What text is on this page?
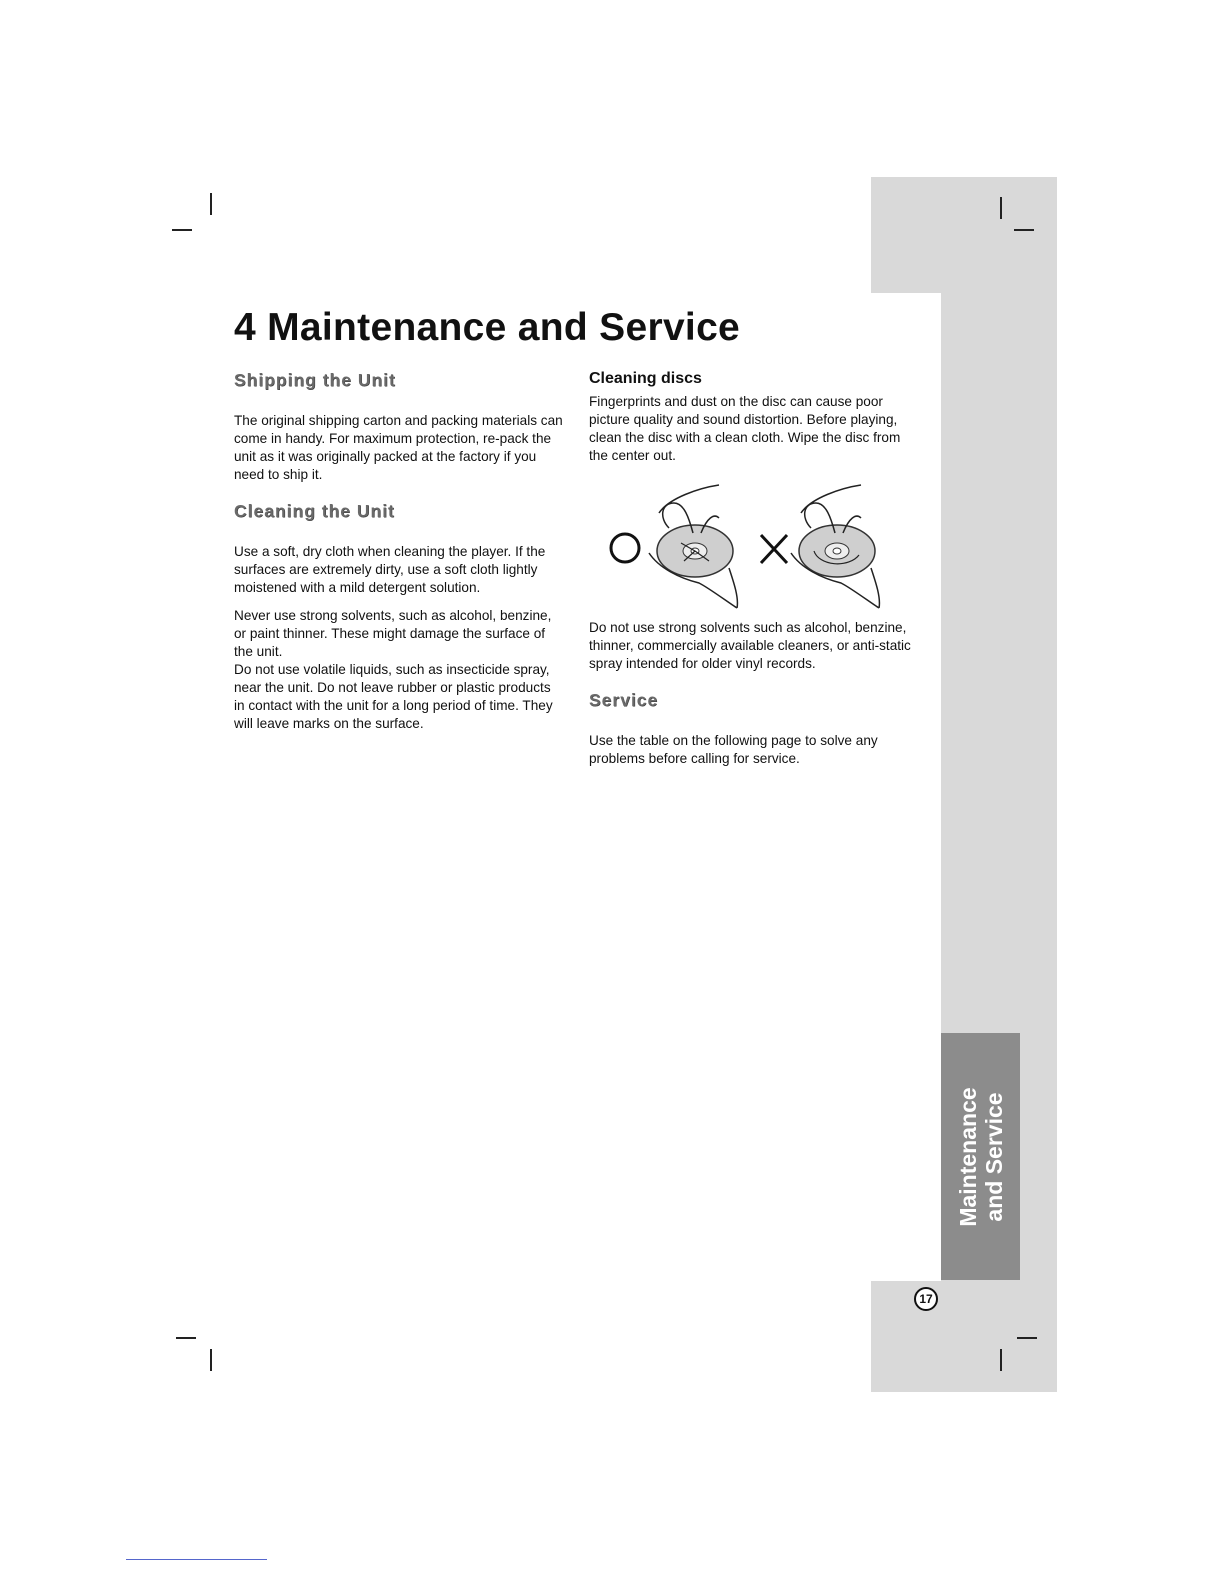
Maintenance and Service
4 Maintenance and Service
Shipping the Unit

The original shipping carton and packing materials can come in handy. For maximum protection, re-pack the unit as it was originally packed at the factory if you need to ship it.

Cleaning the Unit

Use a soft, dry cloth when cleaning the player. If the surfaces are extremely dirty, use a soft cloth lightly moistened with a mild detergent solution.

Never use strong solvents, such as alcohol, benzine, or paint thinner. These might damage the surface of the unit.

Do not use volatile liquids, such as insecticide spray, near the unit. Do not leave rubber or plastic products in contact with the unit for a long period of time. They will leave marks on the surface.

Cleaning discs

Fingerprints and dust on the disc can cause poor picture quality and sound distortion. Before playing, clean the disc with a clean cloth. Wipe the disc from the center out.

Do not use strong solvents such as alcohol, benzine, thinner, commercially available cleaners, or anti-static spray intended for older vinyl records.

Service

Use the table on the following page to solve any problems before calling for service.

17
